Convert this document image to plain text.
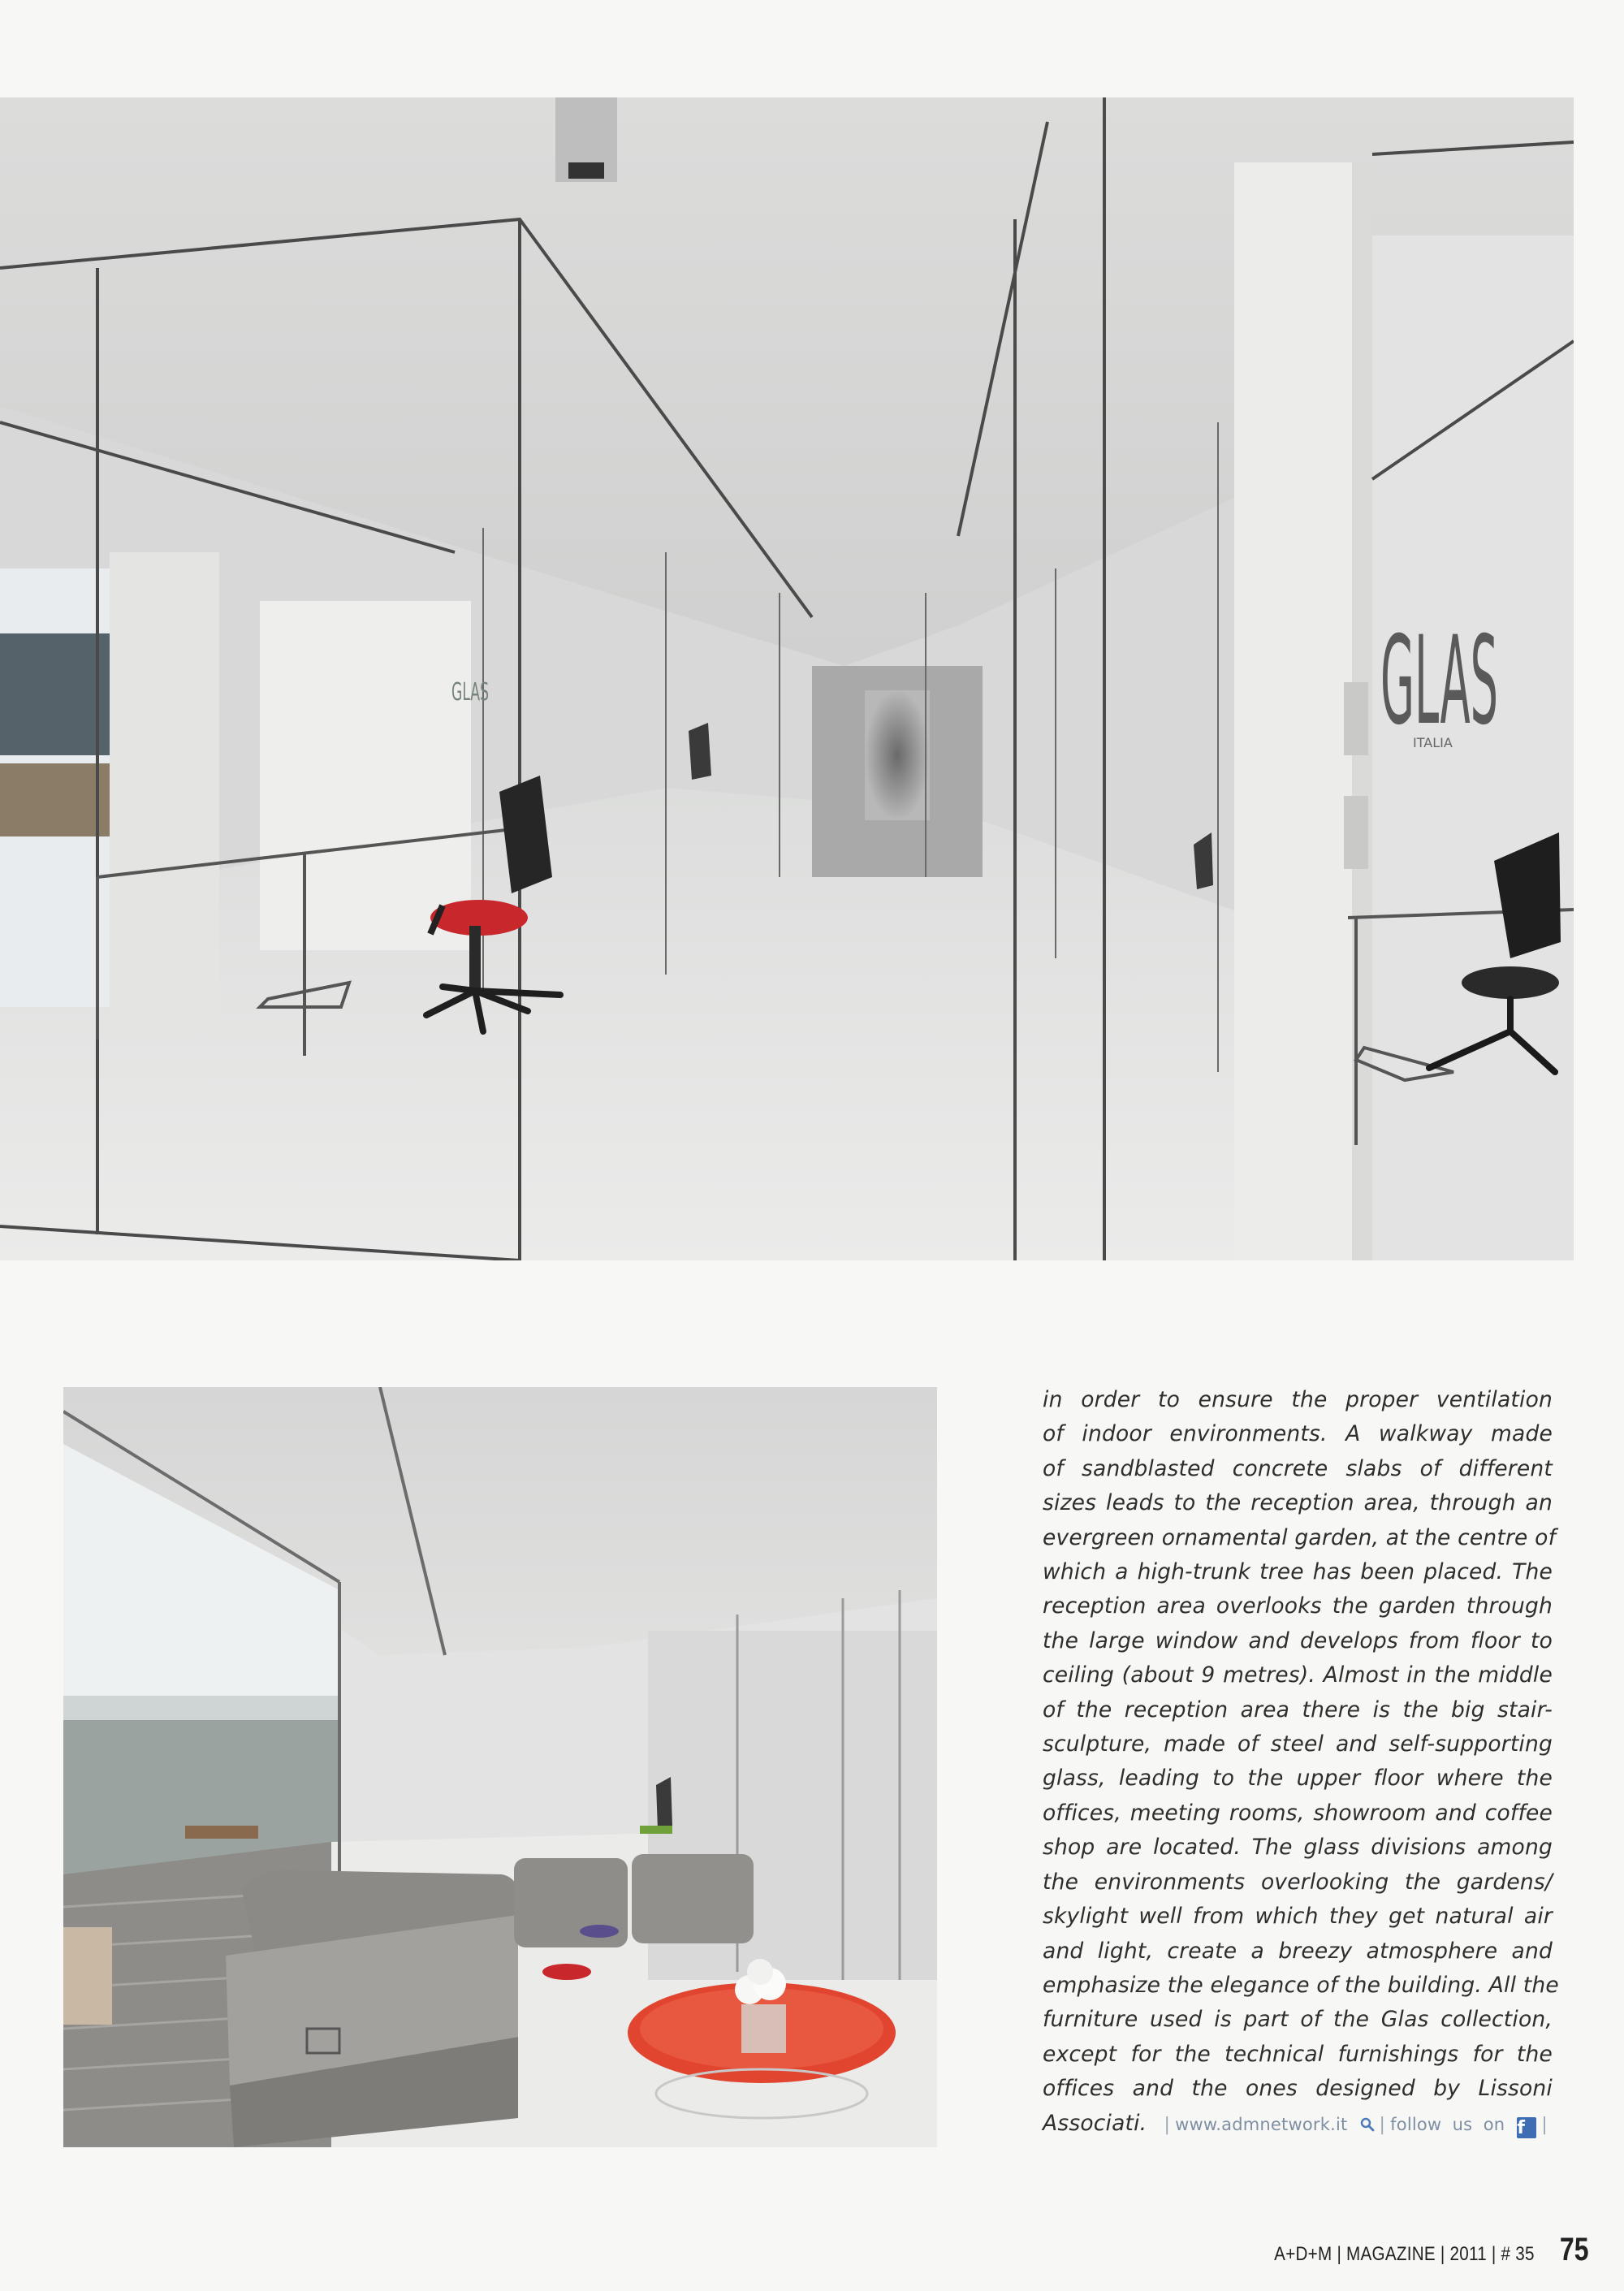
GLAS
ITALIA
GLAS
in order to ensure the proper ventilation
of indoor environments. A walkway made
of sandblasted concrete slabs of different
sizes leads to the reception area, through an
evergreen ornamental garden, at the centre of
which a high-trunk tree has been placed. The
reception area overlooks the garden through
the large window and develops from floor to
ceiling (about 9 metres). Almost in the middle
of the reception area there is the big stair-
sculpture, made of steel and self-supporting
glass, leading to the upper floor where the
offices, meeting rooms, showroom and coffee
shop are located. The glass divisions among
the environments overlooking the gardens/
skylight well from which they get natural air
and light, create a breezy atmosphere and
emphasize the elegance of the building. All the
furniture used is part of the Glas collection,
except for the technical furnishings for the
offices and the ones designed by Lissoni
Associati. | www.admnetwork.it | follow us on f |
A+D+M | MAGAZINE | 2011 | # 35 75
